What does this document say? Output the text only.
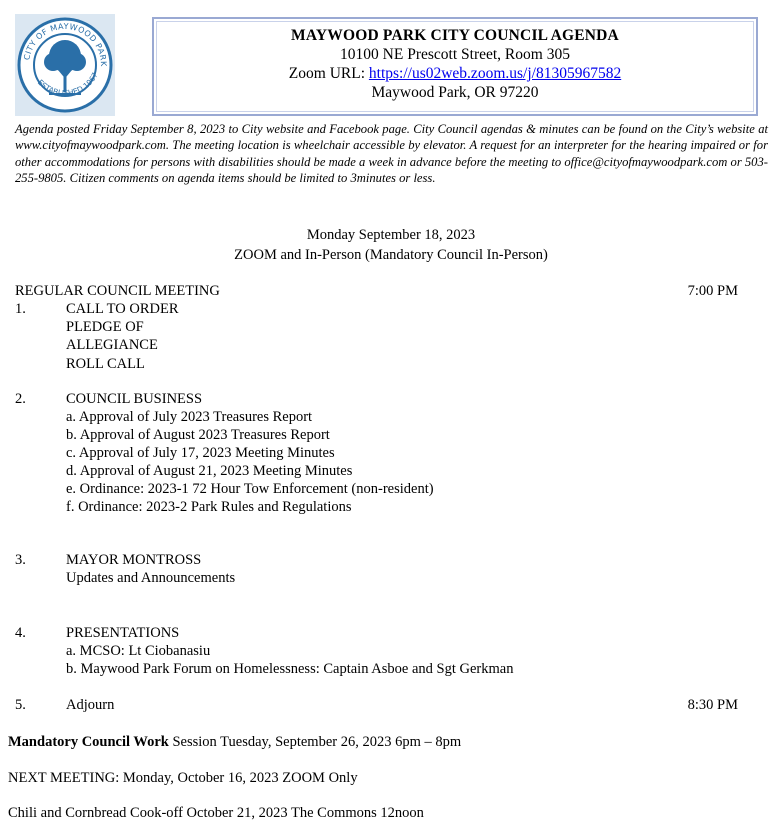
CITY OF MAYWOOD PARK
ESTABLISHED 1967
MAYWOOD PARK CITY COUNCIL AGENDA
10100 NE Prescott Street, Room 305
Zoom URL: https://us02web.zoom.us/j/81305967582
Maywood Park, OR 97220
Agenda posted Friday September 8, 2023 to City website and Facebook page. City Council agendas & minutes can be found on the City’s website at www.cityofmaywoodpark.com. The meeting location is wheelchair accessible by elevator. A request for an interpreter for the hearing impaired or for other accommodations for persons with disabilities should be made a week in advance before the meeting to office@cityofmaywoodpark.com or 503-255-9805. Citizen comments on agenda items should be limited to 3minutes or less.
Monday September 18, 2023
ZOOM and In-Person (Mandatory Council In-Person)
REGULAR COUNCIL MEETING	7:00 PM
1.	CALL TO ORDER
PLEDGE OF
ALLEGIANCE
ROLL CALL
2.	COUNCIL BUSINESS
a. Approval of July 2023 Treasures Report
b. Approval of August 2023 Treasures Report
c. Approval of July 17, 2023 Meeting Minutes
d. Approval of August 21, 2023 Meeting Minutes
e. Ordinance: 2023-1 72 Hour Tow Enforcement (non-resident)
f. Ordinance: 2023-2 Park Rules and Regulations
3.	MAYOR MONTROSS
Updates and Announcements
4.	PRESENTATIONS
a. MCSO: Lt Ciobanasiu
b. Maywood Park Forum on Homelessness: Captain Asboe and Sgt Gerkman
5.	Adjourn	8:30 PM
Mandatory Council Work Session Tuesday, September 26, 2023 6pm – 8pm
NEXT MEETING: Monday, October 16, 2023 ZOOM Only
Chili and Cornbread Cook-off October 21, 2023 The Commons 12noon
